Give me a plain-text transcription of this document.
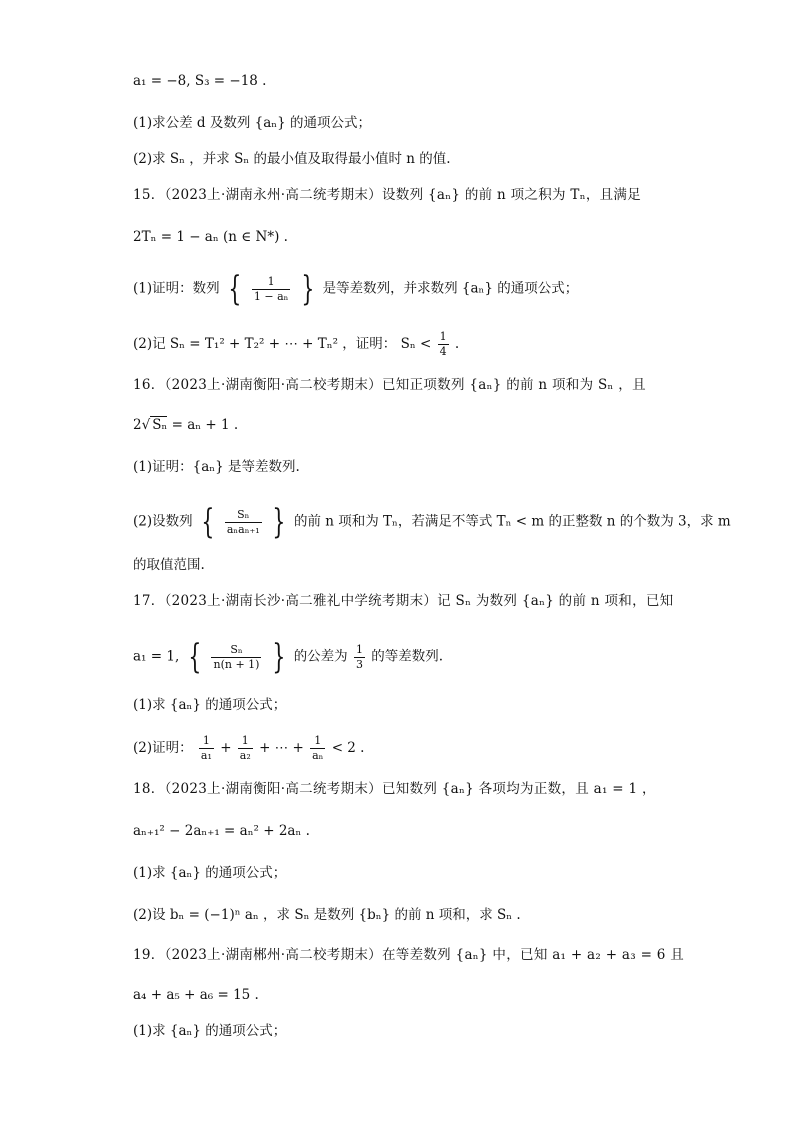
a₁ = −8, S₃ = −18 .
(1)求公差 d 及数列 {aₙ} 的通项公式；
(2)求 Sₙ ，并求 Sₙ 的最小值及取得最小值时 n 的值.
15．（2023上·湖南永州·高二统考期末）设数列 {aₙ} 的前 n 项之积为 Tₙ，且满足
2Tₙ = 1 − aₙ (n ∈ N*) .
(1)证明：数列 { $\frac{1}{\text{1 − aₙ}}$ } 是等差数列，并求数列 {aₙ} 的通项公式；
(2)记 Sₙ = T₁² + T₂² + ⋯ + Tₙ² ，证明： $S_n < \frac{1}{4}$ .
16．（2023上·湖南衡阳·高二校考期末）已知正项数列 {aₙ} 的前 n 项和为 Sₙ ，且
2√ Sₙ = aₙ + 1 .
(1)证明：{aₙ} 是等差数列.
(2)设数列 { $\frac{\text{Sₙ}}{\text{aₙaₙ₊₁}}$ } 的前 n 项和为 Tₙ，若满足不等式 Tₙ < m 的正整数 n 的个数为 3，求 m
的取值范围.
17．（2023上·湖南长沙·高二雅礼中学统考期末）记 Sₙ 为数列 {aₙ} 的前 n 项和，已知
a₁ = 1, { $\frac{\text{Sₙ}}{n(n + 1)}$ } 的公差为 $\frac{1}{3}$ 的等差数列.
(1)求 {aₙ} 的通项公式；
(2)证明： $\frac{1}{\text{a₁}} + \frac{1}{\text{a₂}}$ + ⋯ + $\frac{1}{\text{aₙ}} < 2$ .
18．（2023上·湖南衡阳·高二统考期末）已知数列 {aₙ} 各项均为正数，且 a₁ = 1 ，
aₙ₊₁² − 2aₙ₊₁ = aₙ² + 2aₙ .
(1)求 {aₙ} 的通项公式；
(2)设 bₙ = (−1)ⁿ aₙ ，求 Sₙ 是数列 {bₙ} 的前 n 项和，求 Sₙ .
19．（2023上·湖南郴州·高二校考期末）在等差数列 {aₙ} 中，已知 a₁ + a₂ + a₃ = 6 且
a₄ + a₅ + a₆ = 15 .
(1)求 {aₙ} 的通项公式；
